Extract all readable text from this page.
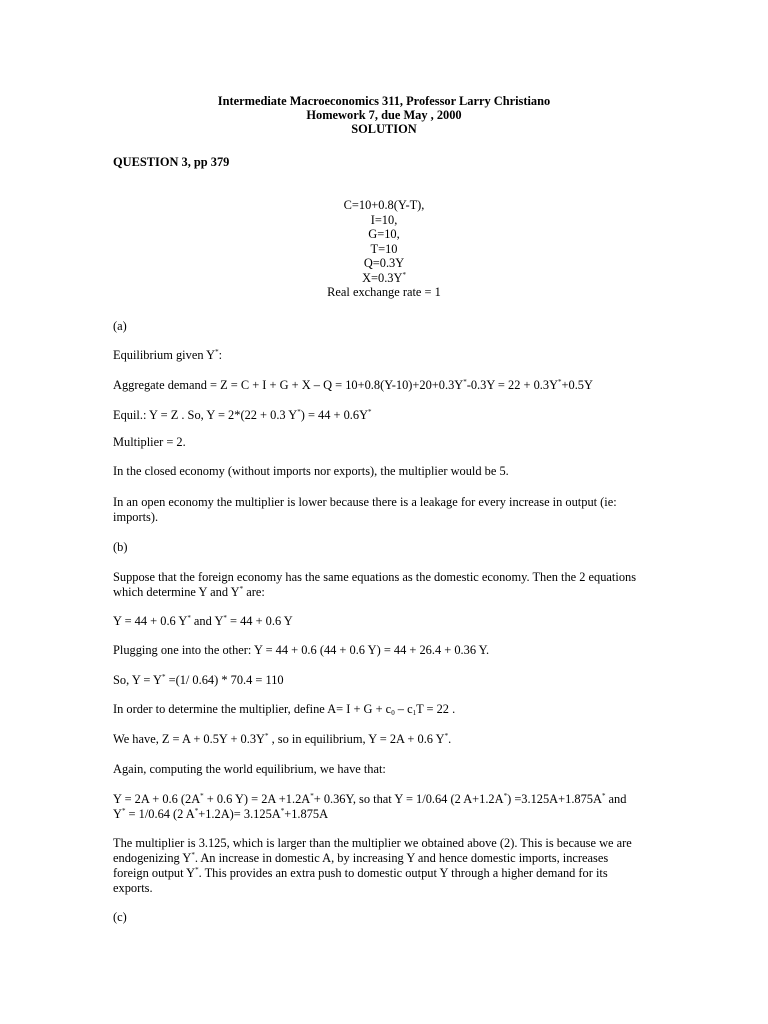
Intermediate Macroeconomics 311, Professor Larry Christiano
Homework 7, due May , 2000
SOLUTION
QUESTION 3, pp 379
C=10+0.8(Y-T),
I=10,
G=10,
T=10
Q=0.3Y
X=0.3Y*
Real exchange rate = 1
(a)
Equilibrium given Y*:
Aggregate demand = Z = C + I + G + X – Q = 10+0.8(Y-10)+20+0.3Y*-0.3Y = 22 + 0.3Y*+0.5Y
Equil.: Y = Z . So, Y = 2*(22 + 0.3 Y*) = 44 + 0.6Y*
Multiplier = 2.
In the closed economy (without imports nor exports), the multiplier would be 5.
In an open economy the multiplier is lower because there is a leakage for every increase in output (ie:
imports).
(b)
Suppose that the foreign economy has the same equations as the domestic economy. Then the 2 equations
which determine Y and Y* are:
Y = 44 + 0.6 Y* and Y* = 44 + 0.6 Y
Plugging one into the other: Y = 44 + 0.6 (44 + 0.6 Y) = 44 + 26.4 + 0.36 Y.
So, Y = Y* =(1/ 0.64) * 70.4 = 110
In order to determine the multiplier, define $A= I + G + c_0 - c_1T = 22$ .
We have, Z = A + 0.5Y + 0.3Y* , so in equilibrium, Y = 2A + 0.6 Y*.
Again, computing the world equilibrium, we have that:
Y = 2A + 0.6 (2A* + 0.6 Y) = 2A +1.2A*+ 0.36Y, so that Y = 1/0.64 (2 A+1.2A*) =3.125A+1.875A* and
Y* = 1/0.64 (2 A*+1.2A)= 3.125A*+1.875A
The multiplier is 3.125, which is larger than the multiplier we obtained above (2). This is because we are
endogenizing Y*. An increase in domestic A, by increasing Y and hence domestic imports, increases
foreign output Y*. This provides an extra push to domestic output Y through a higher demand for its
exports.
(c)
